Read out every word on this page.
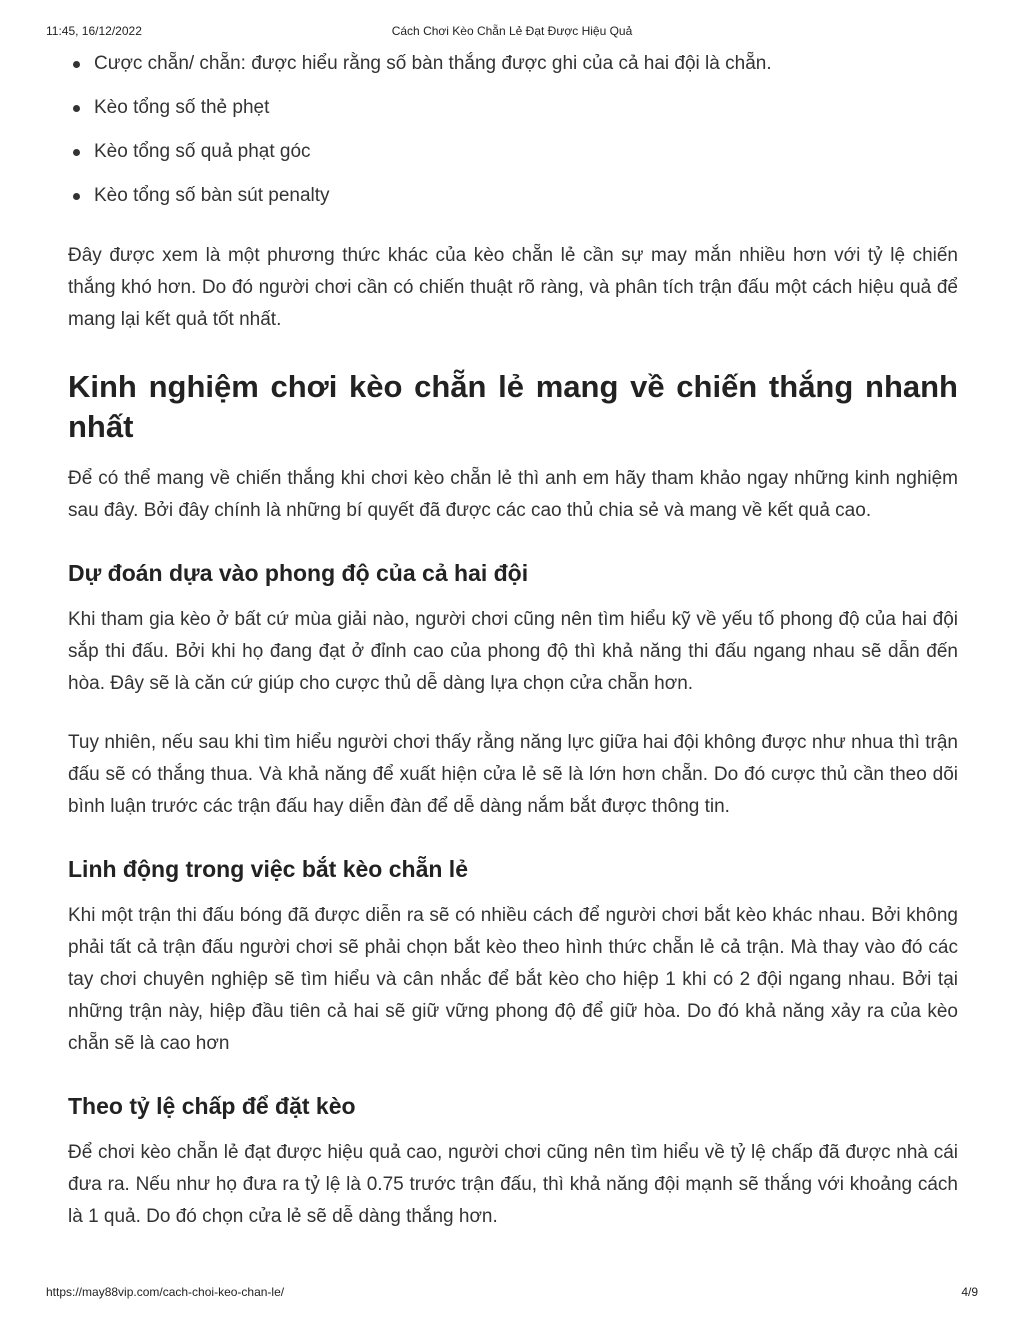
11:45, 16/12/2022	Cách Chơi Kèo Chẵn Lẻ Đạt Được Hiệu Quả
Cược chẵn/ chẵn: được hiểu rằng số bàn thắng được ghi của cả hai đội là chẵn.
Kèo tổng số thẻ phẹt
Kèo tổng số quả phạt góc
Kèo tổng số bàn sút penalty

Đây được xem là một phương thức khác của kèo chẵn lẻ cần sự may mắn nhiều hơn với tỷ lệ chiến thắng khó hơn. Do đó người chơi cần có chiến thuật rõ ràng, và phân tích trận đấu một cách hiệu quả để mang lại kết quả tốt nhất.

Kinh nghiệm chơi kèo chẵn lẻ mang về chiến thắng nhanh nhất

Để có thể mang về chiến thắng khi chơi kèo chẵn lẻ thì anh em hãy tham khảo ngay những kinh nghiệm sau đây. Bởi đây chính là những bí quyết đã được các cao thủ chia sẻ và mang về kết quả cao.

Dự đoán dựa vào phong độ của cả hai đội

Khi tham gia kèo ở bất cứ mùa giải nào, người chơi cũng nên tìm hiểu kỹ về yếu tố phong độ của hai đội sắp thi đấu. Bởi khi họ đang đạt ở đỉnh cao của phong độ thì khả năng thi đấu ngang nhau sẽ dẫn đến hòa. Đây sẽ là căn cứ giúp cho cược thủ dễ dàng lựa chọn cửa chẵn hơn.

Tuy nhiên, nếu sau khi tìm hiểu người chơi thấy rằng năng lực giữa hai đội không được như nhua thì trận đấu sẽ có thắng thua. Và khả năng để xuất hiện cửa lẻ sẽ là lớn hơn chẵn. Do đó cược thủ cần theo dõi bình luận trước các trận đấu hay diễn đàn để dễ dàng nắm bắt được thông tin.

Linh động trong việc bắt kèo chẵn lẻ

Khi một trận thi đấu bóng đã được diễn ra sẽ có nhiều cách để người chơi bắt kèo khác nhau. Bởi không phải tất cả trận đấu người chơi sẽ phải chọn bắt kèo theo hình thức chẵn lẻ cả trận. Mà thay vào đó các tay chơi chuyên nghiệp sẽ tìm hiểu và cân nhắc để bắt kèo cho hiệp 1 khi có 2 đội ngang nhau. Bởi tại những trận này, hiệp đầu tiên cả hai sẽ giữ vững phong độ để giữ hòa. Do đó khả năng xảy ra của kèo chẵn sẽ là cao hơn

Theo tỷ lệ chấp để đặt kèo

Để chơi kèo chẵn lẻ đạt được hiệu quả cao, người chơi cũng nên tìm hiểu về tỷ lệ chấp đã được nhà cái đưa ra. Nếu như họ đưa ra tỷ lệ là 0.75 trước trận đấu, thì khả năng đội mạnh sẽ thắng với khoảng cách là 1 quả. Do đó chọn cửa lẻ sẽ dễ dàng thắng hơn.

https://may88vip.com/cach-choi-keo-chan-le/	4/9
